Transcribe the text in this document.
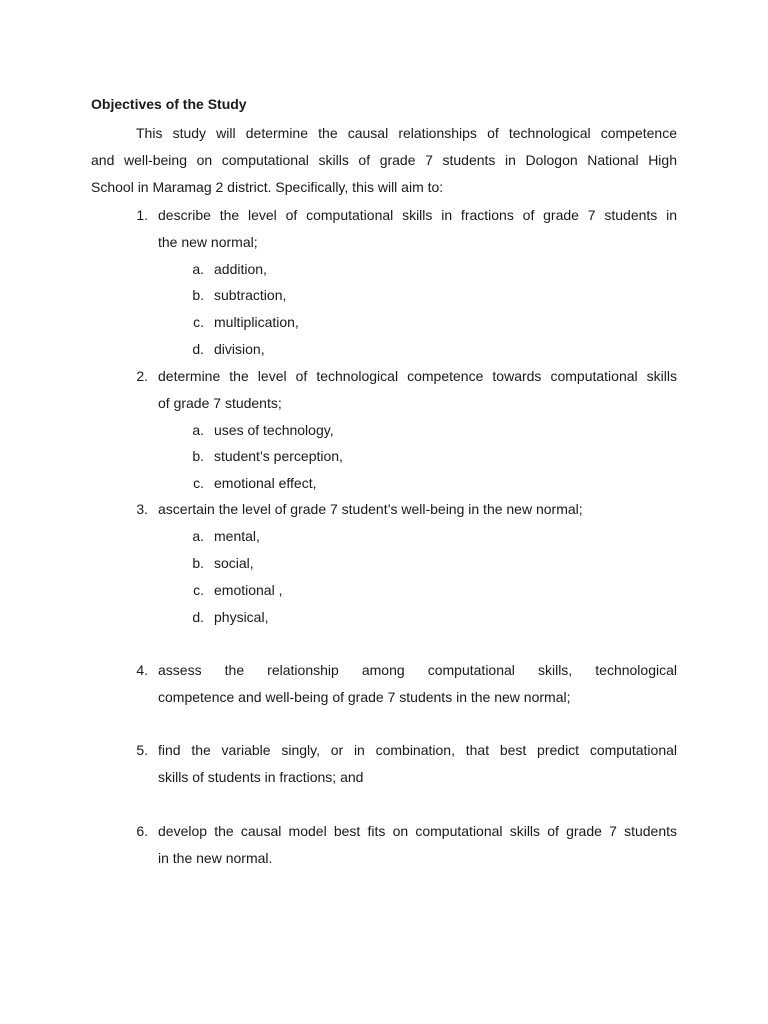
Objectives of the Study
This study will determine the causal relationships of technological competence
and well-being on computational skills of grade 7 students in Dologon National High
School in Maramag 2 district. Specifically, this will aim to:
1. describe the level of computational skills in fractions of grade 7 students in
the new normal;
a. addition,
b. subtraction,
c. multiplication,
d. division,
2. determine the level of technological competence towards computational skills
of grade 7 students;
a. uses of technology,
b. student’s perception,
c. emotional effect,
3. ascertain the level of grade 7 student’s well-being in the new normal;
a. mental,
b. social,
c. emotional ,
d. physical,
4. assess the relationship among computational skills, technological
competence and well-being of grade 7 students in the new normal;
5. find the variable singly, or in combination, that best predict computational
skills of students in fractions; and
6. develop the causal model best fits on computational skills of grade 7 students
in the new normal.
